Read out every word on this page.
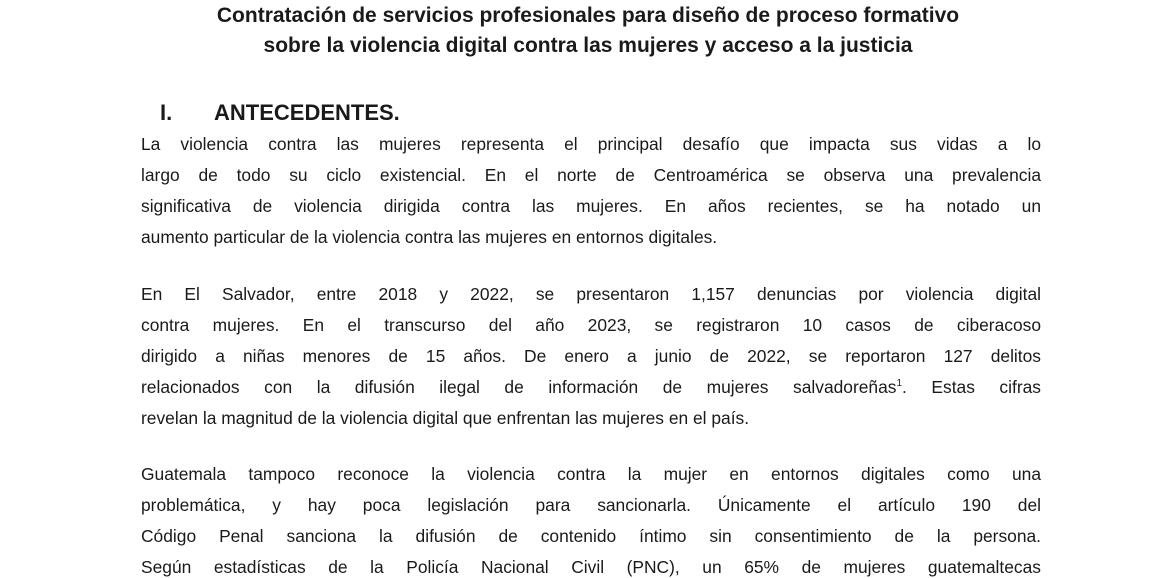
Contratación de servicios profesionales para diseño de proceso formativo
sobre la violencia digital contra las mujeres y acceso a la justicia
I. ANTECEDENTES.
La violencia contra las mujeres representa el principal desafío que impacta sus vidas a lo
largo de todo su ciclo existencial. En el norte de Centroamérica se observa una prevalencia
significativa de violencia dirigida contra las mujeres. En años recientes, se ha notado un
aumento particular de la violencia contra las mujeres en entornos digitales.
En El Salvador, entre 2018 y 2022, se presentaron 1,157 denuncias por violencia digital
contra mujeres. En el transcurso del año 2023, se registraron 10 casos de ciberacoso
dirigido a niñas menores de 15 años. De enero a junio de 2022, se reportaron 127 delitos
relacionados con la difusión ilegal de información de mujeres salvadoreñas$^1$. Estas cifras
revelan la magnitud de la violencia digital que enfrentan las mujeres en el país.
Guatemala tampoco reconoce la violencia contra la mujer en entornos digitales como una
problemática, y hay poca legislación para sancionarla. Únicamente el artículo 190 del
Código Penal sanciona la difusión de contenido íntimo sin consentimiento de la persona.
Según estadísticas de la Policía Nacional Civil (PNC), un 65% de mujeres guatemaltecas
